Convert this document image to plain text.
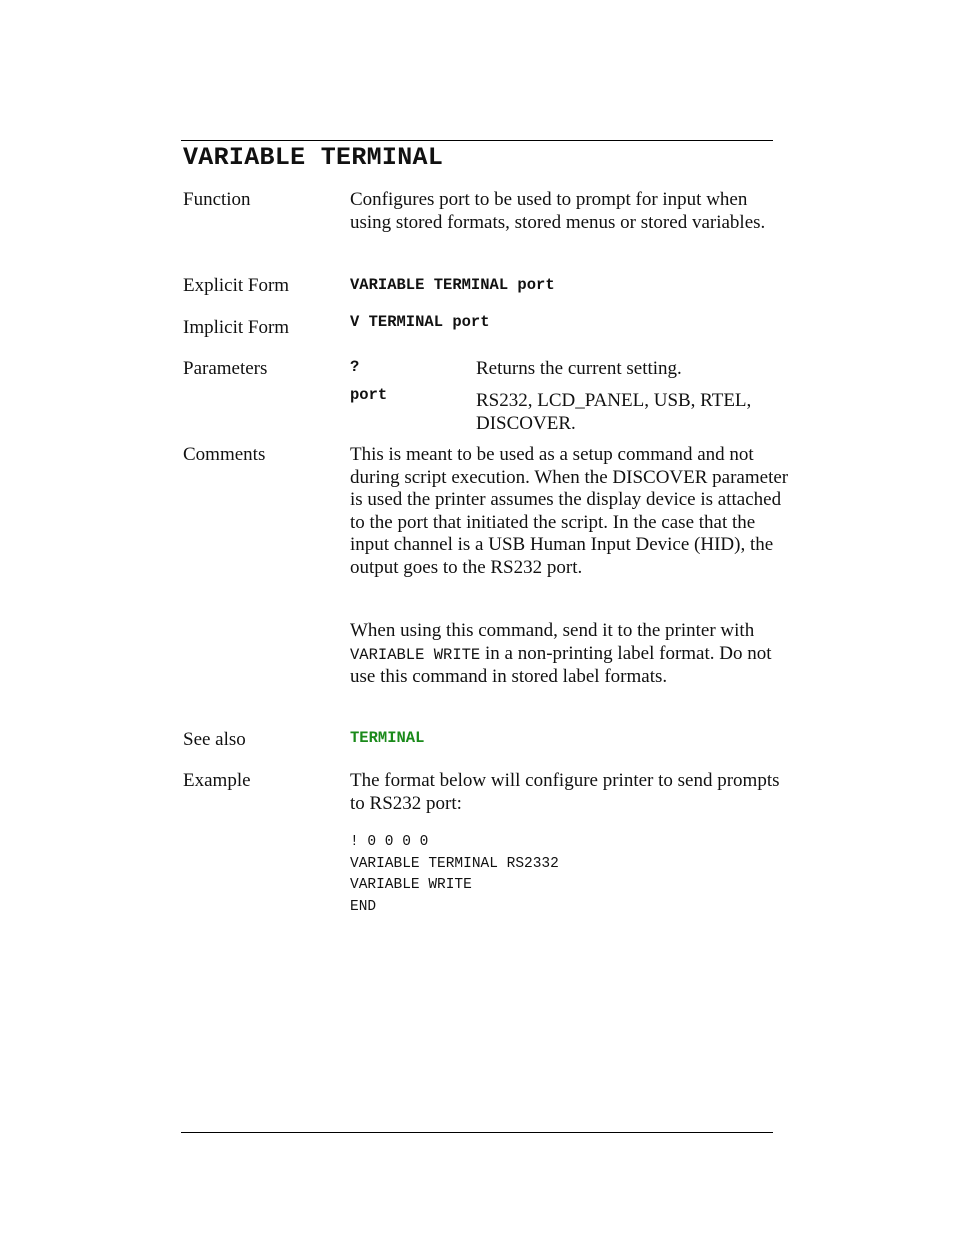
VARIABLE TERMINAL
Function	Configures port to be used to prompt for input when using stored formats, stored menus or stored variables.
Explicit Form	VARIABLE TERMINAL port
Implicit Form	V TERMINAL port
Parameters	?	Returns the current setting.
port	RS232, LCD_PANEL, USB, RTEL, DISCOVER.
Comments	This is meant to be used as a setup command and not during script execution. When the DISCOVER parameter is used the printer assumes the display device is attached to the port that initiated the script. In the case that the input channel is a USB Human Input Device (HID), the output goes to the RS232 port.
When using this command, send it to the printer with VARIABLE WRITE in a non-printing label format. Do not use this command in stored label formats.
See also	TERMINAL
Example	The format below will configure printer to send prompts to RS232 port:
! 0 0 0 0
VARIABLE TERMINAL RS2332
VARIABLE WRITE
END
